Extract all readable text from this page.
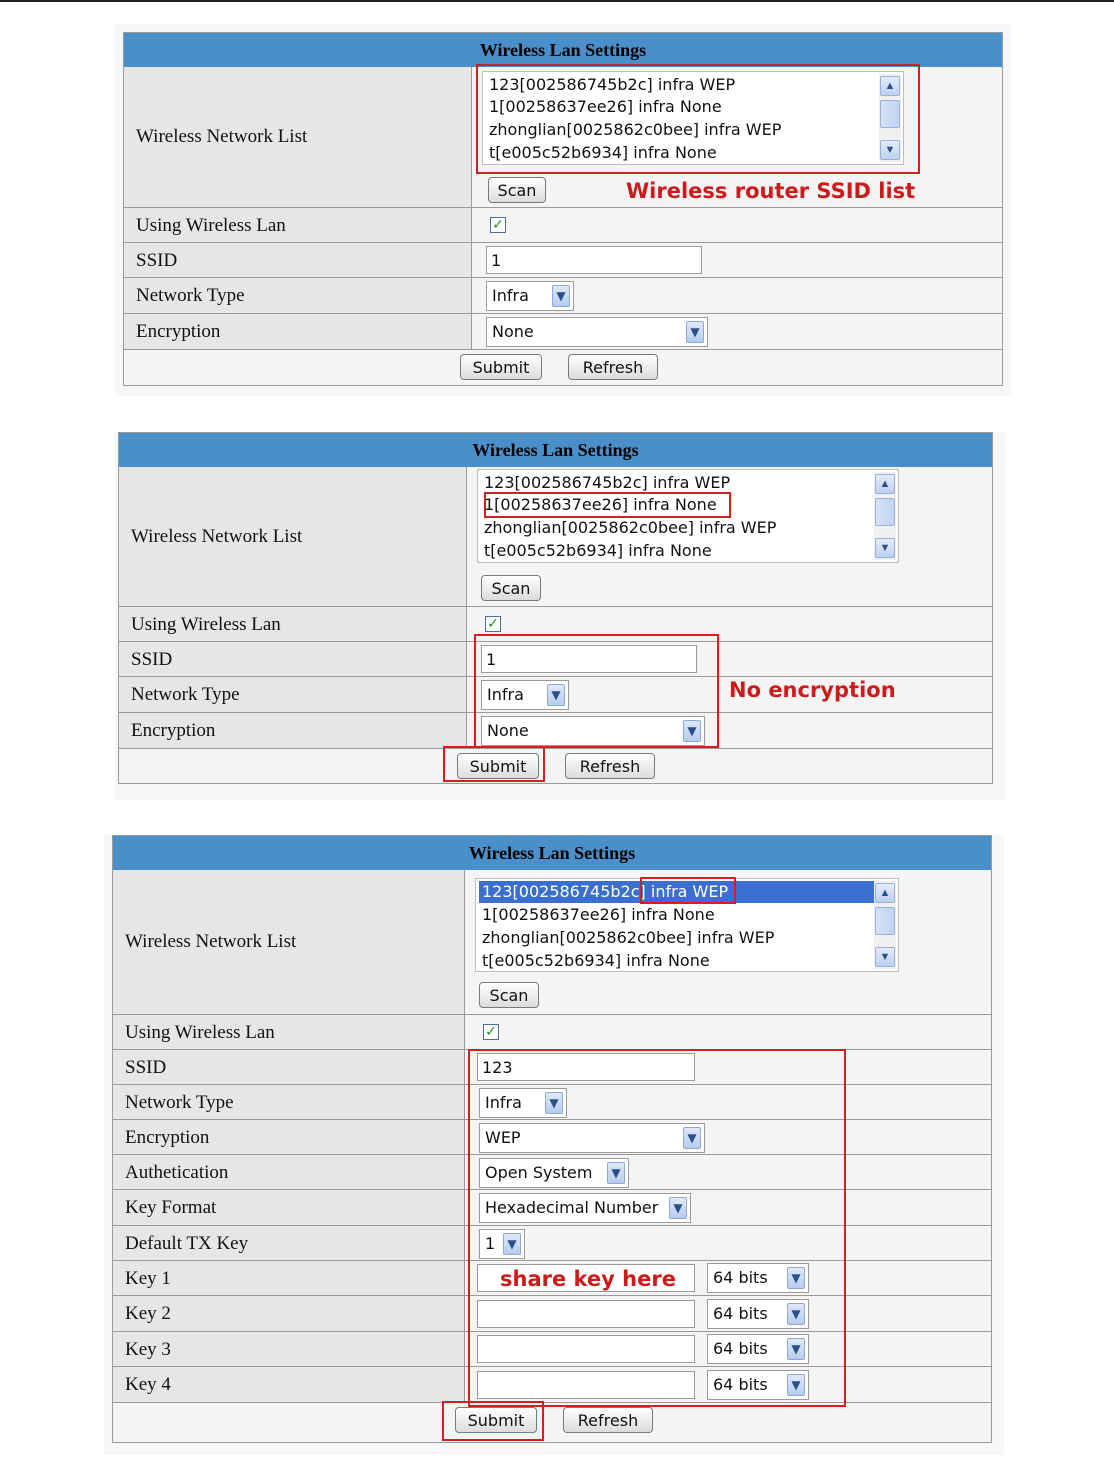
Wireless Lan Settings
Wireless Network List
123[002586745b2c] infra WEP
1[00258637ee26] infra None
zhonglian[0025862c0bee] infra WEP
t[e005c52b6934] infra None
▲
▼
Scan
Using Wireless Lan	✓
SSID	1
Network Type	Infra	▼
Encryption	None	▼
Submit	Refresh
Wireless router SSID list
Wireless Lan Settings
Wireless Network List
123[002586745b2c] infra WEP
1[00258637ee26] infra None
zhonglian[0025862c0bee] infra WEP
t[e005c52b6934] infra None
▲
▼
Scan
Using Wireless Lan	✓
SSID	1
Network Type	Infra	▼
Encryption	None	▼
Submit	Refresh
No encryption
Wireless Lan Settings
Wireless Network List
123[002586745b2c] infra WEP
1[00258637ee26] infra None
zhonglian[0025862c0bee] infra WEP
t[e005c52b6934] infra None
▲
▼
Scan
Using Wireless Lan	✓
SSID	123
Network Type	Infra	▼
Encryption	WEP	▼
Authetication	Open System	▼
Key Format	Hexadecimal Number	▼
Default TX Key	1	▼
Key 1	64 bits	▼
Key 2	64 bits	▼
Key 3	64 bits	▼
Key 4	64 bits	▼
Submit	Refresh
share key here
